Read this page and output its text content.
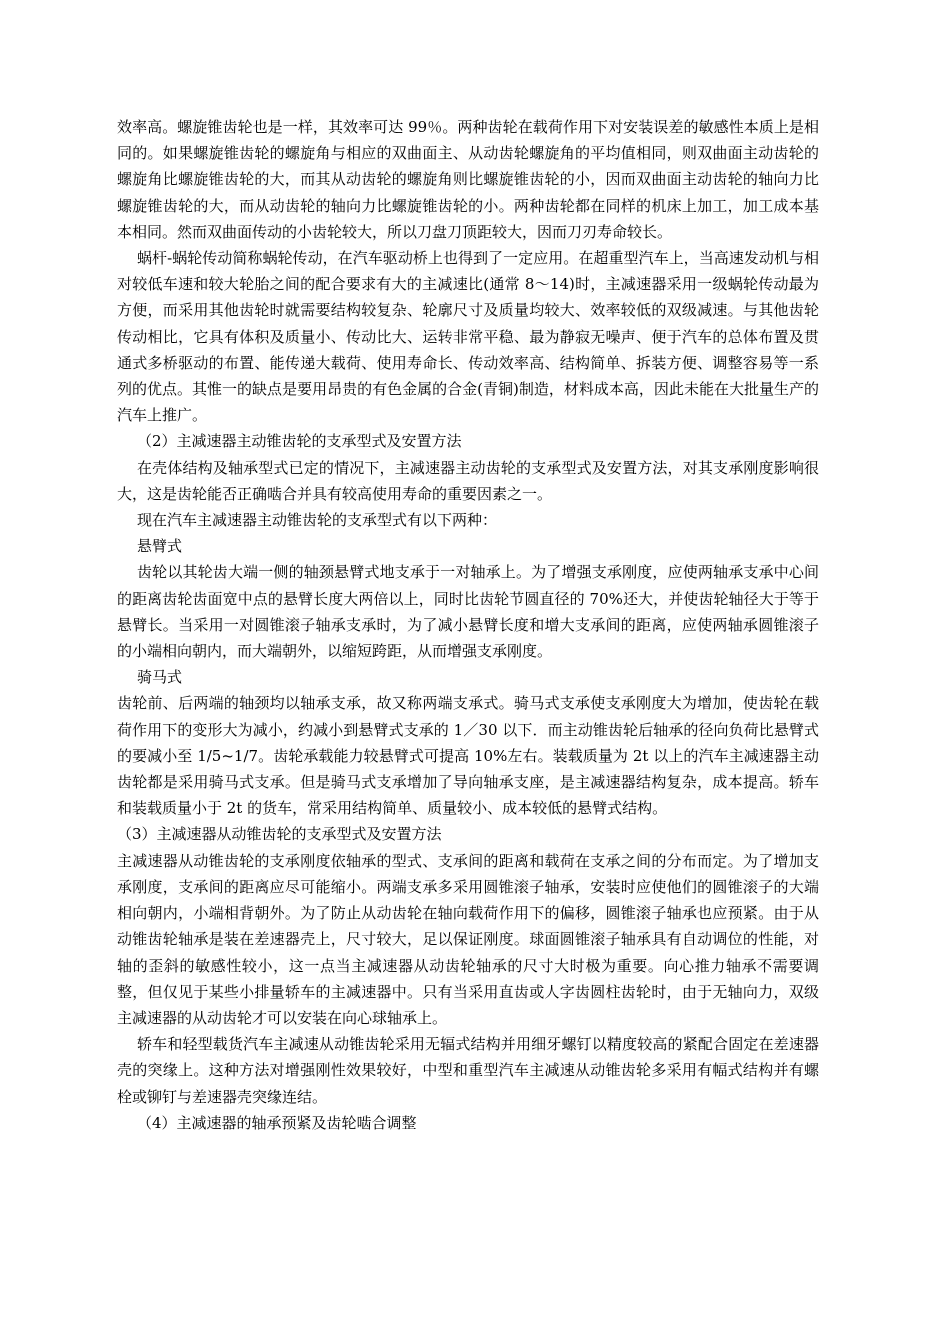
效率高。螺旋锥齿轮也是一样，其效率可达 99％。两种齿轮在载荷作用下对安装误差的敏感性本质上是相同的。如果螺旋锥齿轮的螺旋角与相应的双曲面主、从动齿轮螺旋角的平均值相同，则双曲面主动齿轮的螺旋角比螺旋锥齿轮的大，而其从动齿轮的螺旋角则比螺旋锥齿轮的小，因而双曲面主动齿轮的轴向力比螺旋锥齿轮的大，而从动齿轮的轴向力比螺旋锥齿轮的小。两种齿轮都在同样的机床上加工，加工成本基本相同。然而双曲面传动的小齿轮较大，所以刀盘刀顶距较大，因而刀刃寿命较长。

蜗杆-蜗轮传动简称蜗轮传动，在汽车驱动桥上也得到了一定应用。在超重型汽车上，当高速发动机与相对较低车速和较大轮胎之间的配合要求有大的主减速比(通常 8～14)时，主减速器采用一级蜗轮传动最为方便，而采用其他齿轮时就需要结构较复杂、轮廓尺寸及质量均较大、效率较低的双级减速。与其他齿轮传动相比，它具有体积及质量小、传动比大、运转非常平稳、最为静寂无噪声、便于汽车的总体布置及贯通式多桥驱动的布置、能传递大载荷、使用寿命长、传动效率高、结构简单、拆装方便、调整容易等一系列的优点。其惟一的缺点是要用昂贵的有色金属的合金(青铜)制造，材料成本高，因此未能在大批量生产的汽车上推广。

（2）主减速器主动锥齿轮的支承型式及安置方法

在壳体结构及轴承型式已定的情况下，主减速器主动齿轮的支承型式及安置方法，对其支承刚度影响很大，这是齿轮能否正确啮合并具有较高使用寿命的重要因素之一。

现在汽车主减速器主动锥齿轮的支承型式有以下两种：

悬臂式

齿轮以其轮齿大端一侧的轴颈悬臂式地支承于一对轴承上。为了增强支承刚度，应使两轴承支承中心间的距离齿轮齿面宽中点的悬臂长度大两倍以上，同时比齿轮节圆直径的 70%还大，并使齿轮轴径大于等于悬臂长。当采用一对圆锥滚子轴承支承时，为了减小悬臂长度和增大支承间的距离，应使两轴承圆锥滚子的小端相向朝内，而大端朝外，以缩短跨距，从而增强支承刚度。

骑马式

齿轮前、后两端的轴颈均以轴承支承，故又称两端支承式。骑马式支承使支承刚度大为增加，使齿轮在载荷作用下的变形大为减小，约减小到悬臂式支承的 1／30 以下．而主动锥齿轮后轴承的径向负荷比悬臂式的要减小至 1/5~1/7。齿轮承载能力较悬臂式可提高 10%左右。装载质量为 2t 以上的汽车主减速器主动齿轮都是采用骑马式支承。但是骑马式支承增加了导向轴承支座，是主减速器结构复杂，成本提高。轿车和装载质量小于 2t 的货车，常采用结构简单、质量较小、成本较低的悬臂式结构。

（3）主减速器从动锥齿轮的支承型式及安置方法

主减速器从动锥齿轮的支承刚度依轴承的型式、支承间的距离和载荷在支承之间的分布而定。为了增加支承刚度，支承间的距离应尽可能缩小。两端支承多采用圆锥滚子轴承，安装时应使他们的圆锥滚子的大端相向朝内，小端相背朝外。为了防止从动齿轮在轴向载荷作用下的偏移，圆锥滚子轴承也应预紧。由于从动锥齿轮轴承是装在差速器壳上，尺寸较大，足以保证刚度。球面圆锥滚子轴承具有自动调位的性能，对轴的歪斜的敏感性较小，这一点当主减速器从动齿轮轴承的尺寸大时极为重要。向心推力轴承不需要调整，但仅见于某些小排量轿车的主减速器中。只有当采用直齿或人字齿圆柱齿轮时，由于无轴向力，双级主减速器的从动齿轮才可以安装在向心球轴承上。

轿车和轻型载货汽车主减速从动锥齿轮采用无辐式结构并用细牙螺钉以精度较高的紧配合固定在差速器壳的突缘上。这种方法对增强刚性效果较好，中型和重型汽车主减速从动锥齿轮多采用有幅式结构并有螺栓或铆钉与差速器壳突缘连结。

（4）主减速器的轴承预紧及齿轮啮合调整
